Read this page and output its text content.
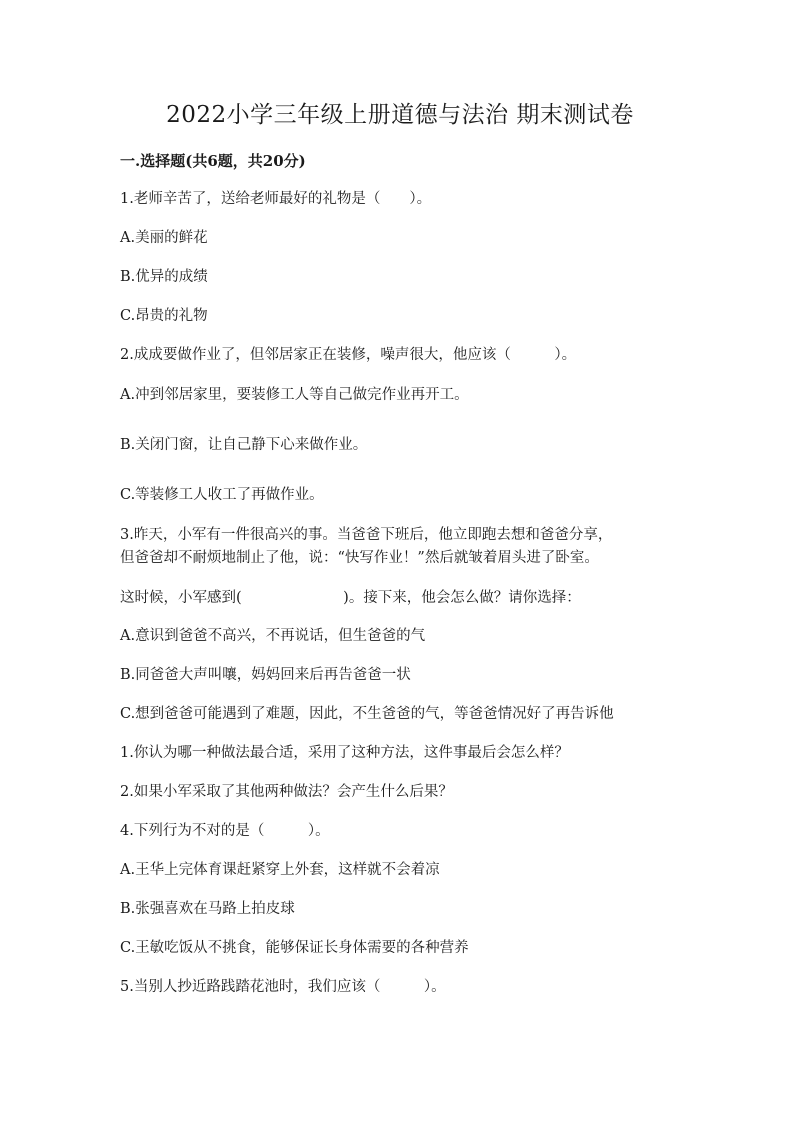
2022小学三年级上册道德与法治 期末测试卷
一.选择题(共6题，共20分)
1.老师辛苦了，送给老师最好的礼物是（　　）。
A.美丽的鲜花
B.优异的成绩
C.昂贵的礼物
2.成成要做作业了，但邻居家正在装修，噪声很大，他应该（　　　）。
A.冲到邻居家里，要装修工人等自己做完作业再开工。
B.关闭门窗，让自己静下心来做作业。
C.等装修工人收工了再做作业。
3.昨天，小军有一件很高兴的事。当爸爸下班后，他立即跑去想和爸爸分享，
但爸爸却不耐烦地制止了他，说：“快写作业！”然后就皱着眉头进了卧室。
这时候，小军感到(　　　　　　　)。接下来，他会怎么做？请你选择：
A.意识到爸爸不高兴，不再说话，但生爸爸的气
B.同爸爸大声叫嚷，妈妈回来后再告爸爸一状
C.想到爸爸可能遇到了难题，因此，不生爸爸的气，等爸爸情况好了再告诉他
1.你认为哪一种做法最合适，采用了这种方法，这件事最后会怎么样？
2.如果小军采取了其他两种做法？会产生什么后果？
4.下列行为不对的是（　　　）。
A.王华上完体育课赶紧穿上外套，这样就不会着凉
B.张强喜欢在马路上拍皮球
C.王敏吃饭从不挑食，能够保证长身体需要的各种营养
5.当别人抄近路践踏花池时，我们应该（　　　）。
